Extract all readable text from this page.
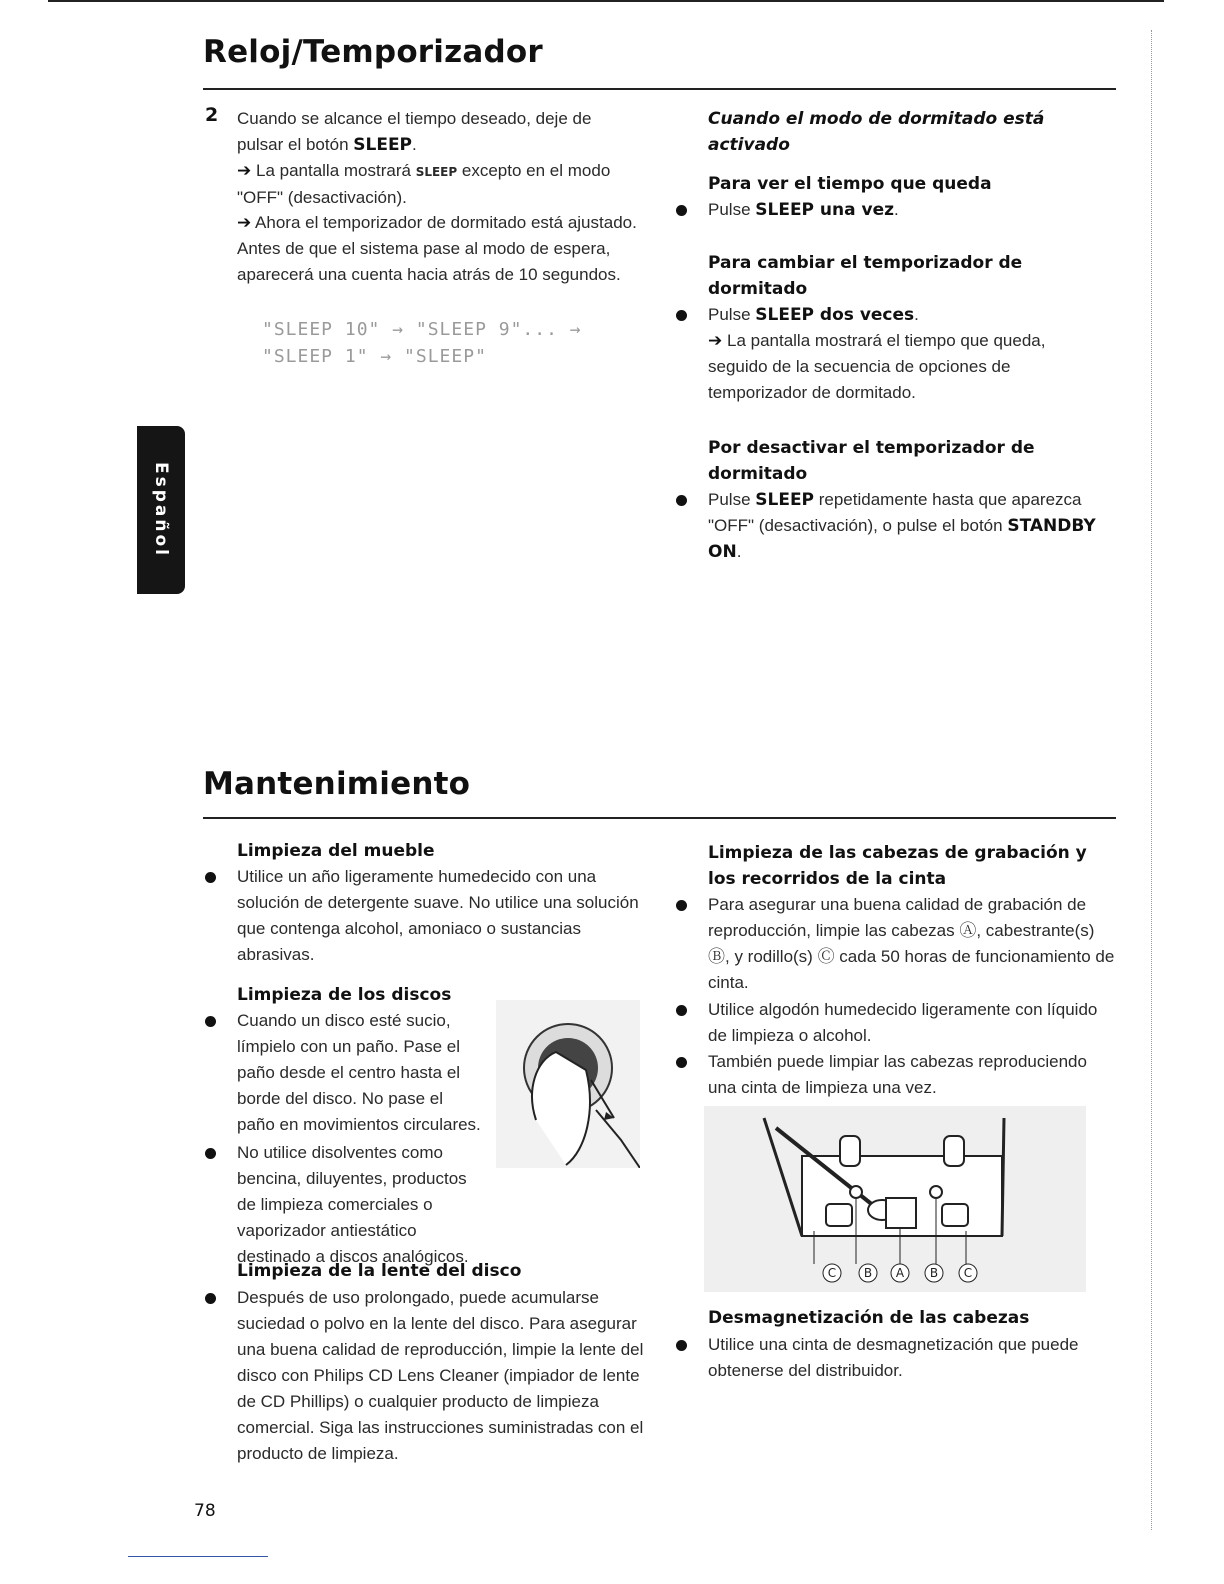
Reloj/Temporizador
2 Cuando se alcance el tiempo deseado, deje de pulsar el botón SLEEP.
➔ La pantalla mostrará SLEEP excepto en el modo "OFF" (desactivación).
➔ Ahora el temporizador de dormitado está ajustado. Antes de que el sistema pase al modo de espera, aparecerá una cuenta hacia atrás de 10 segundos.
"SLEEP 10" → "SLEEP 9"... →
"SLEEP 1" → "SLEEP"
Cuando el modo de dormitado está activado
Para ver el tiempo que queda
Pulse SLEEP una vez.
Para cambiar el temporizador de dormitado
Pulse SLEEP dos veces.
➔ La pantalla mostrará el tiempo que queda, seguido de la secuencia de opciones de temporizador de dormitado.
Por desactivar el temporizador de dormitado
Pulse SLEEP repetidamente hasta que aparezca "OFF" (desactivación), o pulse el botón STANDBY ON.
Español
Mantenimiento
Limpieza del mueble
Utilice un año ligeramente humedecido con una solución de detergente suave. No utilice una solución que contenga alcohol, amoniaco o sustancias abrasivas.
Limpieza de los discos
Cuando un disco esté sucio, límpielo con un paño. Pase el paño desde el centro hasta el borde del disco. No pase el paño en movimientos circulares.
No utilice disolventes como bencina, diluyentes, productos de limpieza comerciales o vaporizador antiestático destinado a discos analógicos.
Limpieza de la lente del disco
Después de uso prolongado, puede acumularse suciedad o polvo en la lente del disco. Para asegurar una buena calidad de reproducción, limpie la lente del disco con Philips CD Lens Cleaner (impiador de lente de CD Phillips) o cualquier producto de limpieza comercial. Siga las instrucciones suministradas con el producto de limpieza.
Limpieza de las cabezas de grabación y los recorridos de la cinta
Para asegurar una buena calidad de grabación de reproducción, limpie las cabezas Ⓐ, cabestrante(s) Ⓑ, y rodillo(s) Ⓒ cada 50 horas de funcionamiento de cinta.
Utilice algodón humedecido ligeramente con líquido de limpieza o alcohol.
También puede limpiar las cabezas reproduciendo una cinta de limpieza una vez.
C B A B C
Desmagnetización de las cabezas
Utilice una cinta de desmagnetización que puede obtenerse del distribuidor.
78
